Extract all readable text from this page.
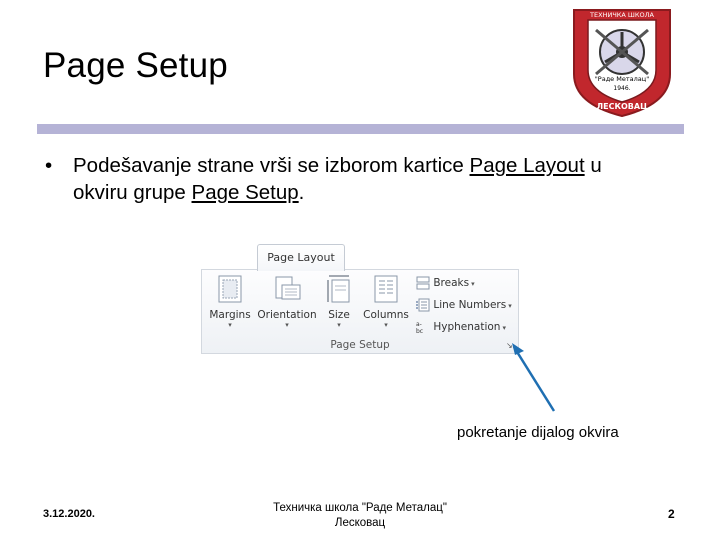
Page Setup
ТЕХНИЧКА ШКОЛА
"Раде Металац"
1946.
ЛЕСКОВАЦ
•	Podešavanje strane vrši se izborom kartice Page Layout u okviru grupe Page Setup.
Page Layout
Margins
▾
Orientation
▾
Size
▾
Columns
▾
Breaks ▾
Line Numbers ▾
a-
bc Hyphenation ▾
Page Setup	↘
pokretanje dijalog okvira
3.12.2020.	Техничка школа "Раде Металац"
Лесковац
2
